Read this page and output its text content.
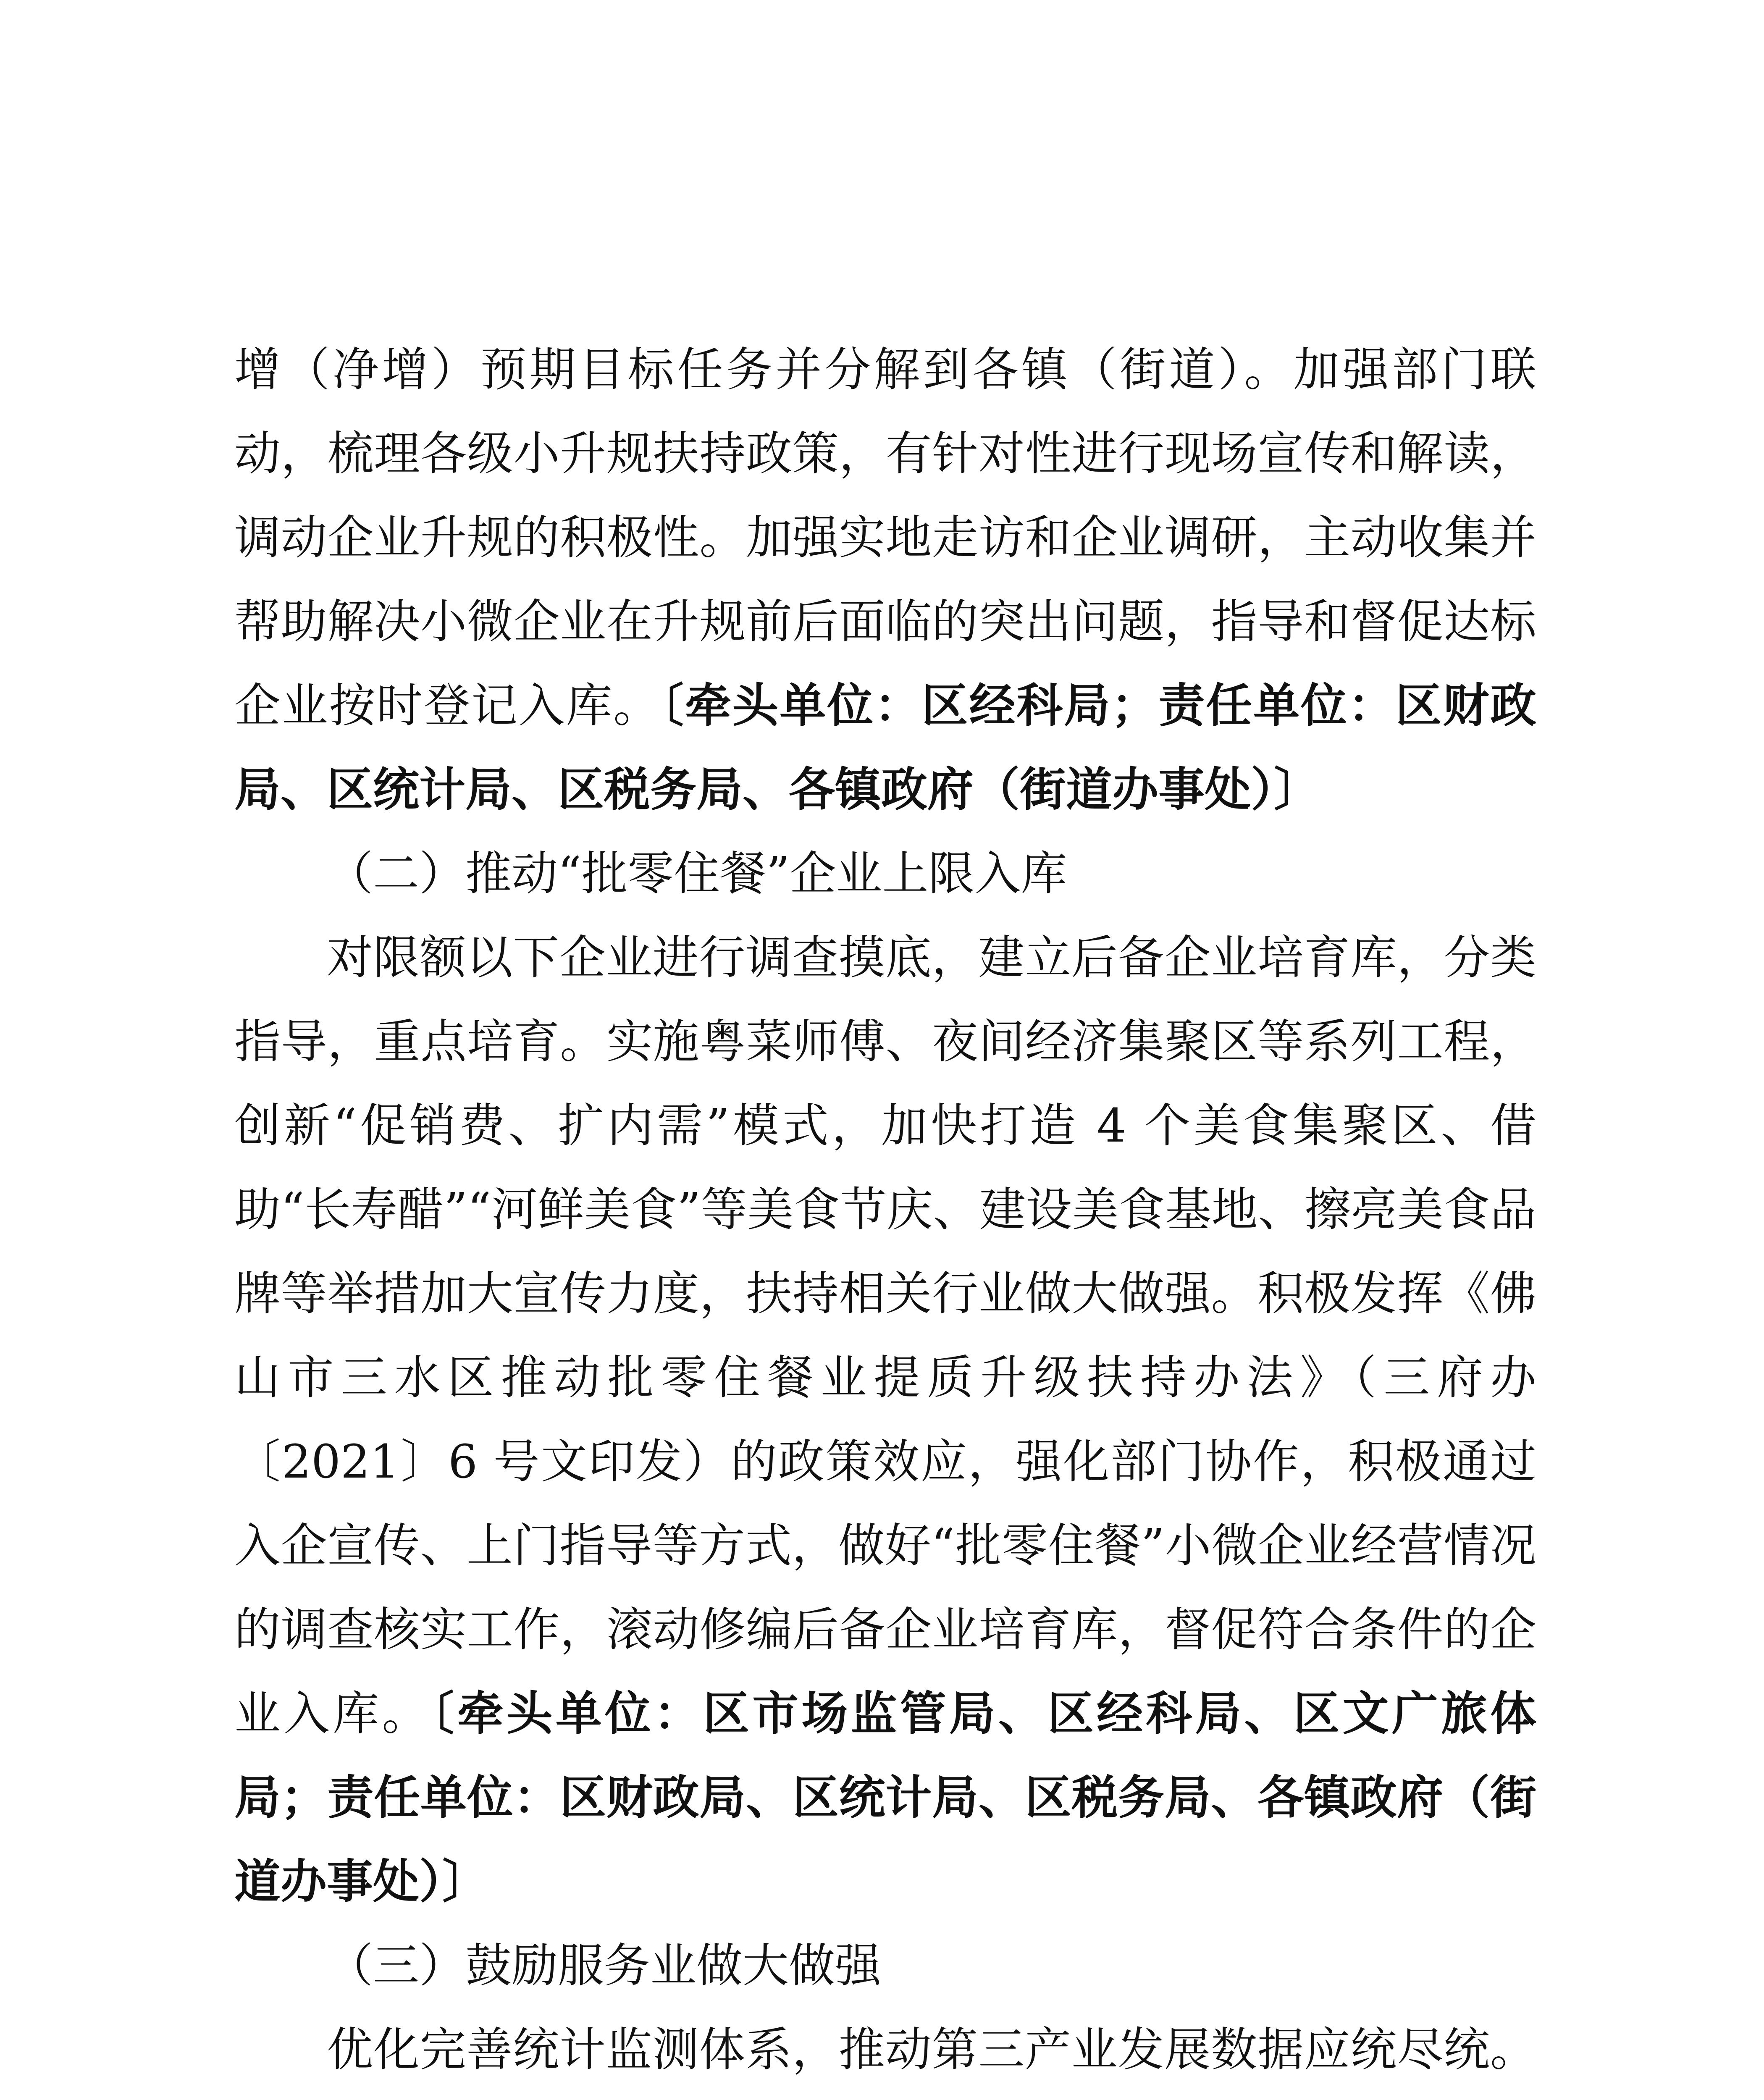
增（净增）预期目标任务并分解到各镇（街道）。加强部门联动，梳理各级小升规扶持政策，有针对性进行现场宣传和解读，调动企业升规的积极性。加强实地走访和企业调研，主动收集并帮助解决小微企业在升规前后面临的突出问题，指导和督促达标企业按时登记入库。〔牵头单位：区经科局；责任单位：区财政局、区统计局、区税务局、各镇政府（街道办事处）〕

（二）推动“批零住餐”企业上限入库

对限额以下企业进行调查摸底，建立后备企业培育库，分类指导，重点培育。实施粤菜师傅、夜间经济集聚区等系列工程，创新“促销费、扩内需”模式，加快打造 4 个美食集聚区、借助“长寿醋”“河鲜美食”等美食节庆、建设美食基地、擦亮美食品牌等举措加大宣传力度，扶持相关行业做大做强。积极发挥《佛山市三水区推动批零住餐业提质升级扶持办法》（三府办〔2021〕6 号文印发）的政策效应，强化部门协作，积极通过入企宣传、上门指导等方式，做好“批零住餐”小微企业经营情况的调查核实工作，滚动修编后备企业培育库，督促符合条件的企业入库。〔牵头单位：区市场监管局、区经科局、区文广旅体局；责任单位：区财政局、区统计局、区税务局、各镇政府（街道办事处）〕

（三）鼓励服务业做大做强

优化完善统计监测体系，推动第三产业发展数据应统尽统。
